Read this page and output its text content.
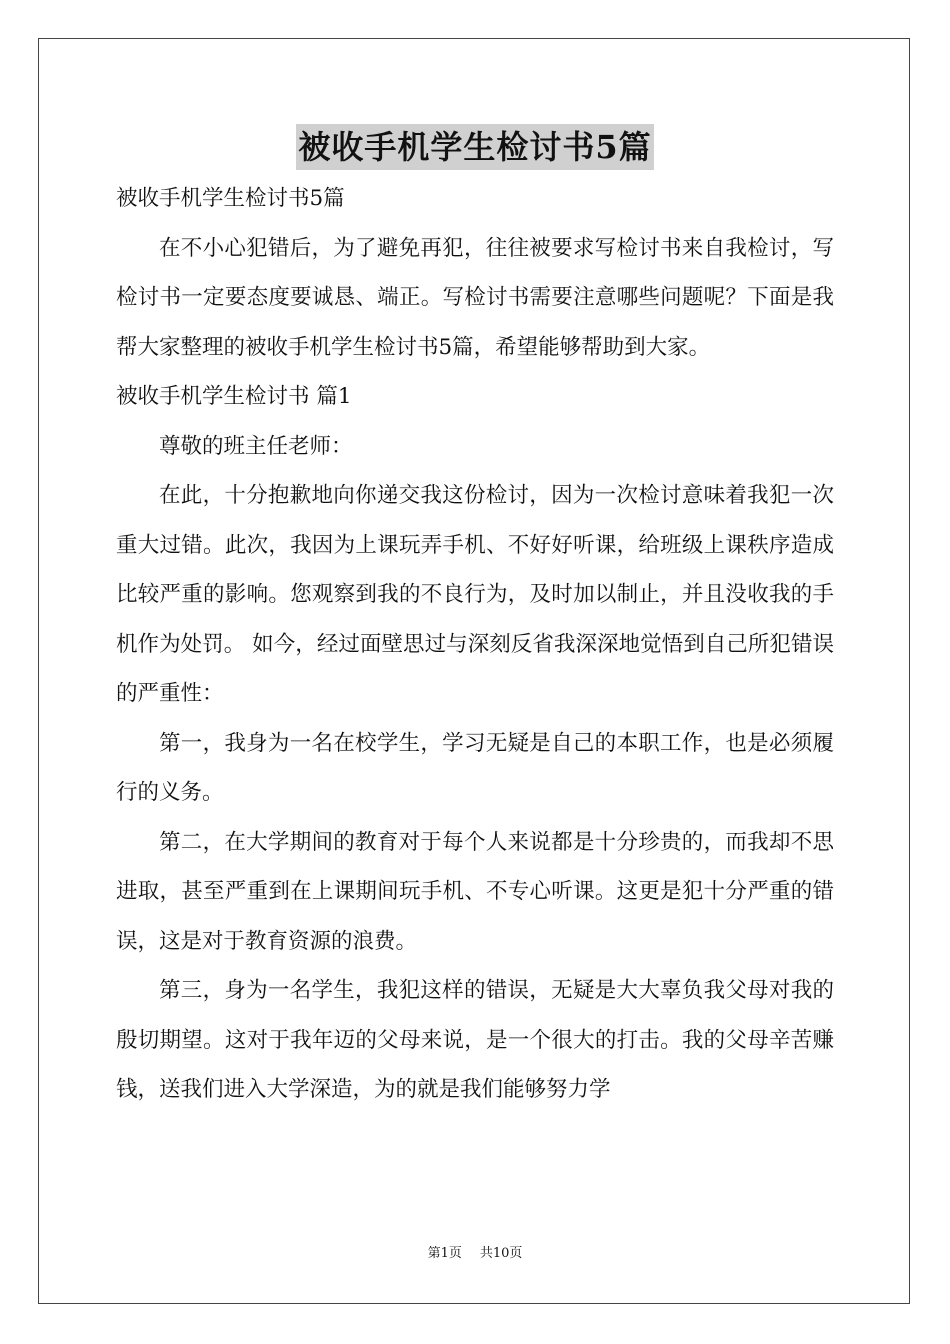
被收手机学生检讨书5篇

被收手机学生检讨书5篇

在不小心犯错后，为了避免再犯，往往被要求写检讨书来自我检讨，写检讨书一定要态度要诚恳、端正。写检讨书需要注意哪些问题呢？下面是我帮大家整理的被收手机学生检讨书5篇，希望能够帮助到大家。

被收手机学生检讨书 篇1

尊敬的班主任老师：

在此，十分抱歉地向你递交我这份检讨，因为一次检讨意味着我犯一次重大过错。此次，我因为上课玩弄手机、不好好听课，给班级上课秩序造成比较严重的影响。您观察到我的不良行为，及时加以制止，并且没收我的手机作为处罚。 如今，经过面壁思过与深刻反省我深深地觉悟到自己所犯错误的严重性：

第一，我身为一名在校学生，学习无疑是自己的本职工作，也是必须履行的义务。

第二，在大学期间的教育对于每个人来说都是十分珍贵的，而我却不思进取，甚至严重到在上课期间玩手机、不专心听课。这更是犯十分严重的错误，这是对于教育资源的浪费。

第三，身为一名学生，我犯这样的错误，无疑是大大辜负我父母对我的殷切期望。这对于我年迈的父母来说，是一个很大的打击。我的父母辛苦赚钱，送我们进入大学深造，为的就是我们能够努力学

第1页 共10页
